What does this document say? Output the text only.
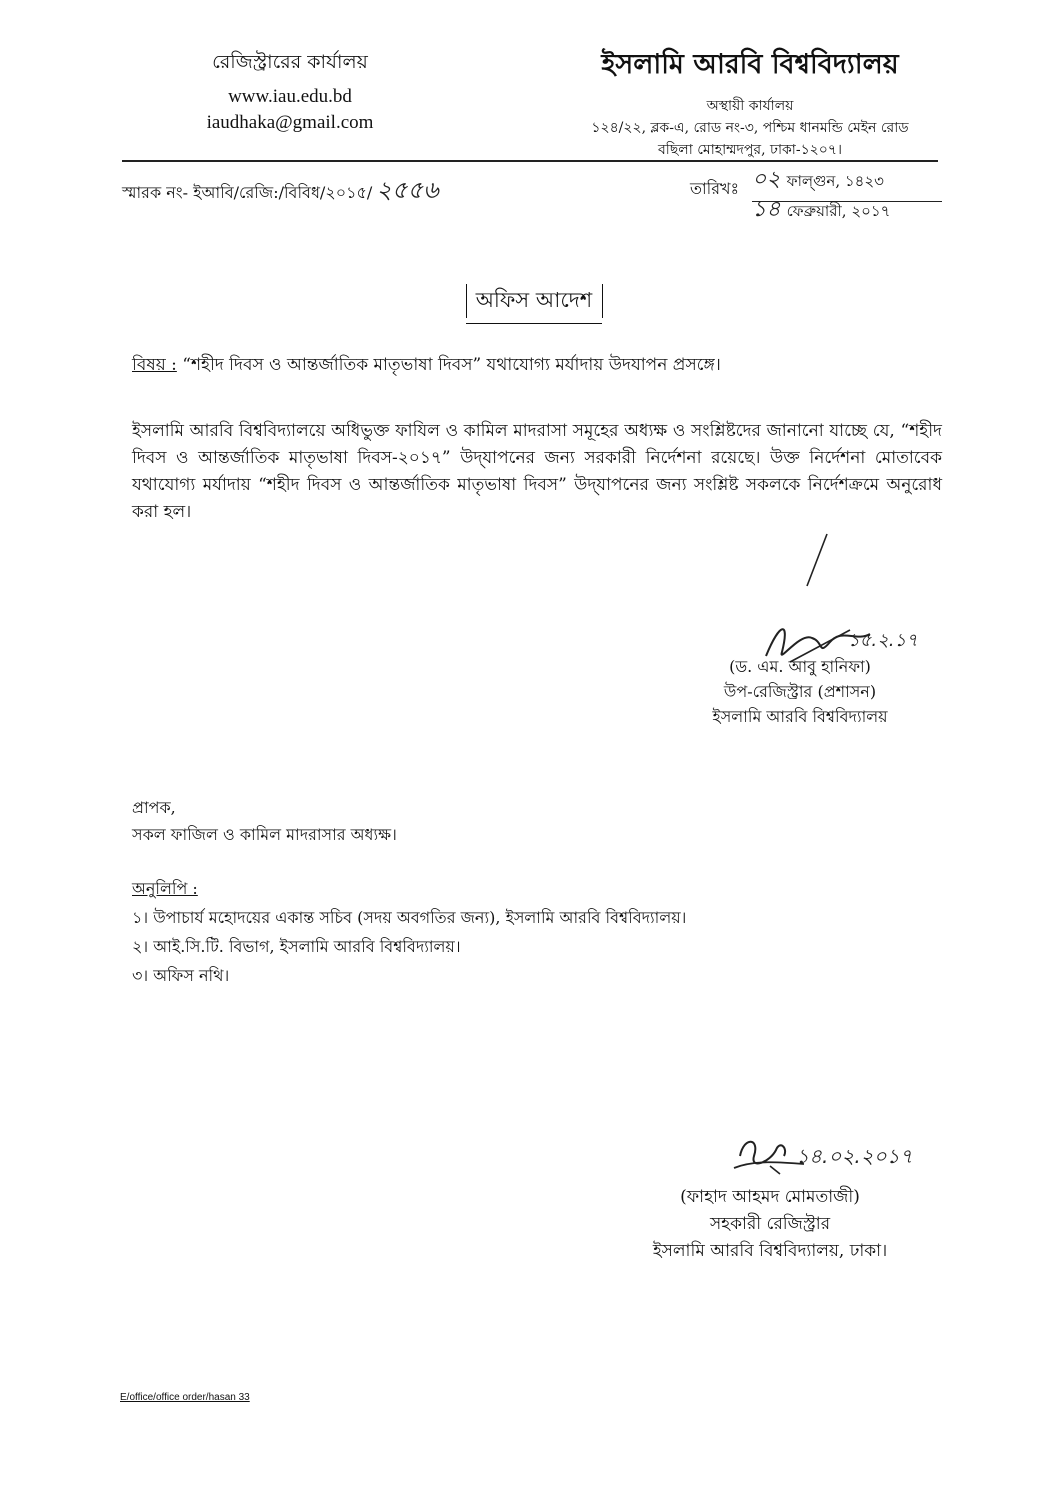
রেজিস্ট্রারের কার্যালয়
www.iau.edu.bd
iaudhaka@gmail.com
ইসলামি আরবি বিশ্ববিদ্যালয়
অস্থায়ী কার্যালয়
১২৪/২২, ব্লক-এ, রোড নং-৩, পশ্চিম ধানমন্ডি মেইন রোড
বছিলা মোহাম্মদপুর, ঢাকা-১২০৭।
স্মারক নং- ইআবি/রেজি:/বিবিধ/২০১৫/ ২৫৫৬	তারিখঃ ০২ ফাল্গুন, ১৪২৩
১৪ ফেব্রুয়ারী, ২০১৭
অফিস আদেশ
বিষয় : “শহীদ দিবস ও আন্তর্জাতিক মাতৃভাষা দিবস” যথাযোগ্য মর্যাদায় উদযাপন প্রসঙ্গে।
ইসলামি আরবি বিশ্ববিদ্যালয়ে অধিভুক্ত ফাযিল ও কামিল মাদরাসা সমূহের অধ্যক্ষ ও সংশ্লিষ্টদের জানানো যাচ্ছে যে, “শহীদ দিবস ও আন্তর্জাতিক মাতৃভাষা দিবস-২০১৭” উদ্‌যাপনের জন্য সরকারী নির্দেশনা রয়েছে। উক্ত নির্দেশনা মোতাবেক যথাযোগ্য মর্যাদায় “শহীদ দিবস ও আন্তর্জাতিক মাতৃভাষা দিবস” উদ্‌যাপনের জন্য সংশ্লিষ্ট সকলকে নির্দেশক্রমে অনুরোধ করা হল।
১৫.২.১৭
(ড. এম. আবু হানিফা)
উপ-রেজিস্ট্রার (প্রশাসন)
ইসলামি আরবি বিশ্ববিদ্যালয়
প্রাপক,
সকল ফাজিল ও কামিল মাদরাসার অধ্যক্ষ।
অনুলিপি :
১। উপাচার্য মহোদয়ের একান্ত সচিব (সদয় অবগতির জন্য), ইসলামি আরবি বিশ্ববিদ্যালয়।
২। আই.সি.টি. বিভাগ, ইসলামি আরবি বিশ্ববিদ্যালয়।
৩। অফিস নথি।
১৪.০২.২০১৭
(ফাহাদ আহমদ মোমতাজী)
সহকারী রেজিস্ট্রার
ইসলামি আরবি বিশ্ববিদ্যালয়, ঢাকা।
E/office/office order/hasan 33
